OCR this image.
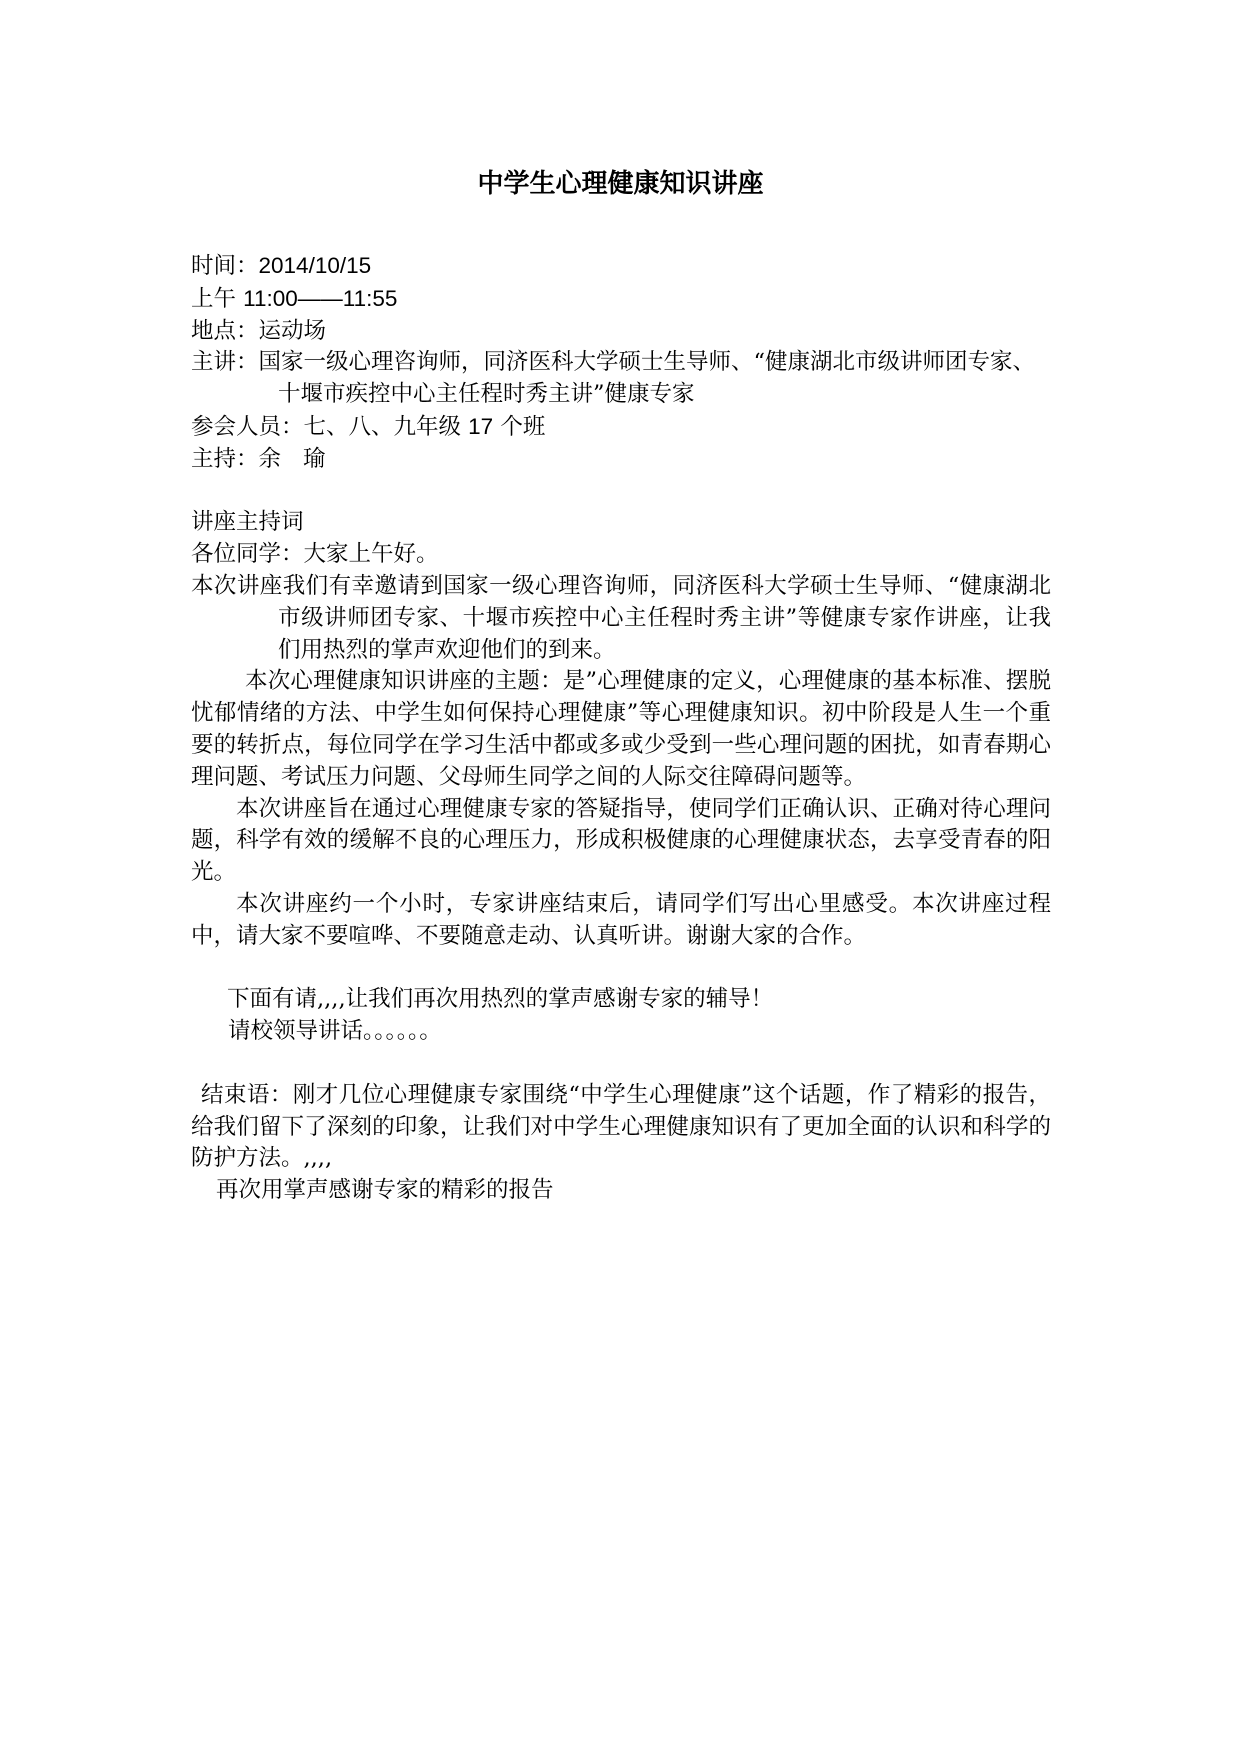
中学生心理健康知识讲座
时间：2014/10/15
上午 11:00——11:55
地点：运动场
主讲：国家一级心理咨询师，同济医科大学硕士生导师、“健康湖北市级讲师团专家、十堰市疾控中心主任程时秀主讲”健康专家
参会人员：七、八、九年级 17 个班
主持：余 瑜
讲座主持词
各位同学：大家上午好。
本次讲座我们有幸邀请到国家一级心理咨询师，同济医科大学硕士生导师、“健康湖北市级讲师团专家、十堰市疾控中心主任程时秀主讲”等健康专家作讲座，让我们用热烈的掌声欢迎他们的到来。
本次心理健康知识讲座的主题：是”心理健康的定义，心理健康的基本标准、摆脱忧郁情绪的方法、中学生如何保持心理健康”等心理健康知识。初中阶段是人生一个重要的转折点，每位同学在学习生活中都或多或少受到一些心理问题的困扰，如青春期心理问题、考试压力问题、父母师生同学之间的人际交往障碍问题等。
本次讲座旨在通过心理健康专家的答疑指导，使同学们正确认识、正确对待心理问题，科学有效的缓解不良的心理压力，形成积极健康的心理健康状态，去享受青春的阳光。
本次讲座约一个小时，专家讲座结束后，请同学们写出心里感受。本次讲座过程中，请大家不要喧哗、不要随意走动、认真听讲。谢谢大家的合作。
下面有请,,,,让我们再次用热烈的掌声感谢专家的辅导！
请校领导讲话。。。。。。
结束语：刚才几位心理健康专家围绕“中学生心理健康”这个话题，作了精彩的报告，给我们留下了深刻的印象，让我们对中学生心理健康知识有了更加全面的认识和科学的防护方法。,,,,
再次用掌声感谢专家的精彩的报告
